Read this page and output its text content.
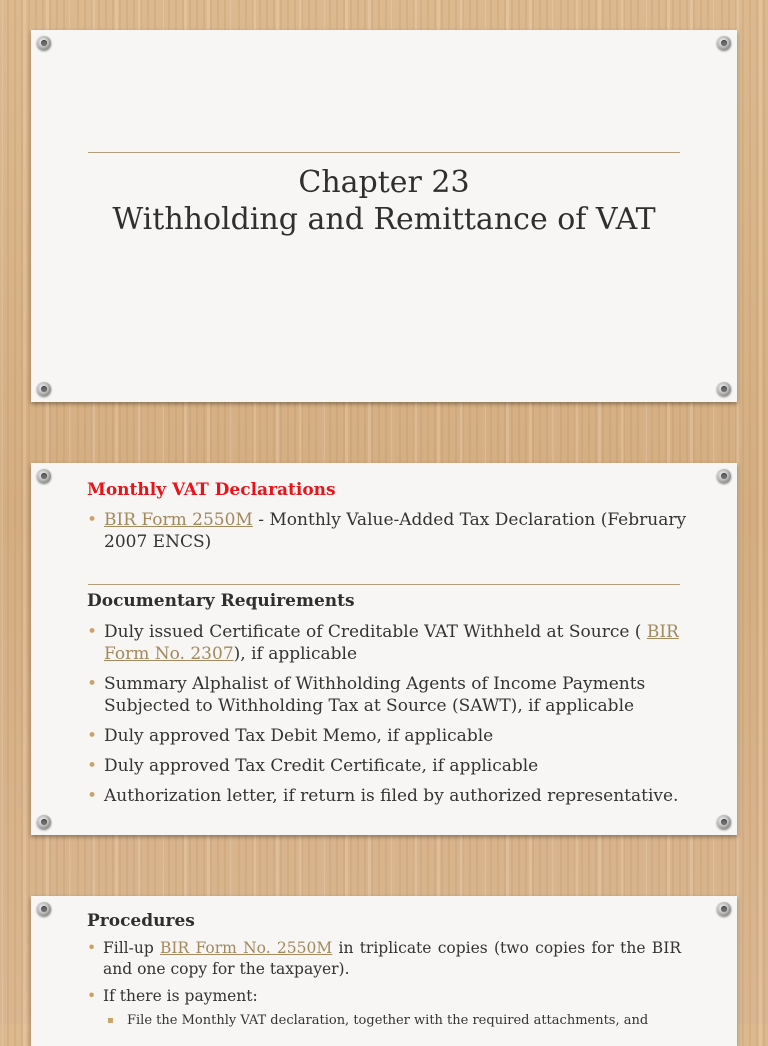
Chapter 23
Withholding and Remittance of VAT
Monthly VAT Declarations
• BIR Form 2550M - Monthly Value-Added Tax Declaration (February 2007 ENCS)
Documentary Requirements
• Duly issued Certificate of Creditable VAT Withheld at Source ( BIR Form No. 2307), if applicable
• Summary Alphalist of Withholding Agents of Income Payments Subjected to Withholding Tax at Source (SAWT), if applicable
• Duly approved Tax Debit Memo, if applicable
• Duly approved Tax Credit Certificate, if applicable
• Authorization letter, if return is filed by authorized representative.
Procedures
• Fill-up BIR Form No. 2550M in triplicate copies (two copies for the BIR and one copy for the taxpayer).
• If there is payment:
▪ File the Monthly VAT declaration, together with the required attachments, and
